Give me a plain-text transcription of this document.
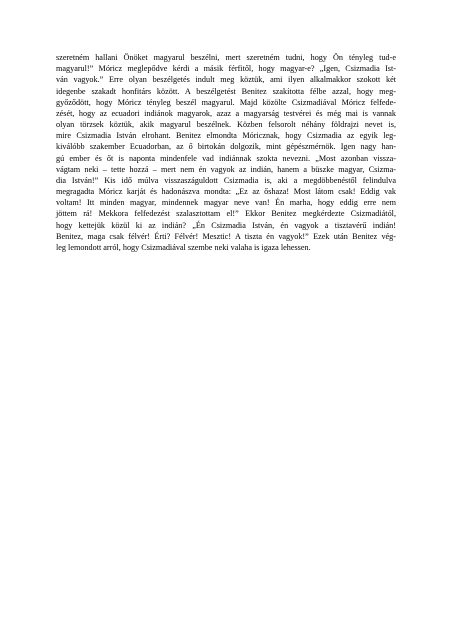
szeretném hallani Önöket magyarul beszélni, mert szeretném tudni, hogy Ön tényleg tud-e
magyarul!” Móricz meglepődve kérdi a másik férfitől, hogy magyar-e? „Igen, Csizmadia Ist-
ván vagyok.” Erre olyan beszélgetés indult meg köztük, ami ilyen alkalmakkor szokott két
idegenbe szakadt honfitárs között. A beszélgetést Benitez szakította félbe azzal, hogy meg-
győződött, hogy Móricz tényleg beszél magyarul. Majd közölte Csizmadiával Móricz felfede-
zését, hogy az ecuadori indiánok magyarok, azaz a magyarság testvérei és még mai is vannak
olyan törzsek köztük, akik magyarul beszélnek. Közben felsorolt néhány földrajzi nevet is,
mire Csizmadia István elrohant. Benitez elmondta Móricznak, hogy Csizmadia az egyik leg-
kiválóbb szakember Ecuadorban, az ő birtokán dolgozik, mint gépészmérnök. Igen nagy han-
gú ember és őt is naponta mindenfele vad indiánnak szokta nevezni. „Most azonban vissza-
vágtam neki – tette hozzá – mert nem én vagyok az indián, hanem a büszke magyar, Csizma-
dia István!” Kis idő múlva visszaszáguldott Csizmadia is, aki a megdöbbenéstől felindulva
megragadta Móricz karját és hadonászva mondta: „Ez az őshaza! Most látom csak! Eddig vak
voltam! Itt minden magyar, mindennek magyar neve van! Én marha, hogy eddig erre nem
jöttem rá! Mekkora felfedezést szalasztottam el!” Ekkor Benitez megkérdezte Csizmadiától,
hogy kettejük közül ki az indián? „Én Csizmadia István, én vagyok a tisztavérű indián!
Benitez, maga csak félvér! Érti? Félvér! Mesztic! A tiszta én vagyok!” Ezek után Benitez vég-
leg lemondott arról, hogy Csizmadiával szembe neki valaha is igaza lehessen.
